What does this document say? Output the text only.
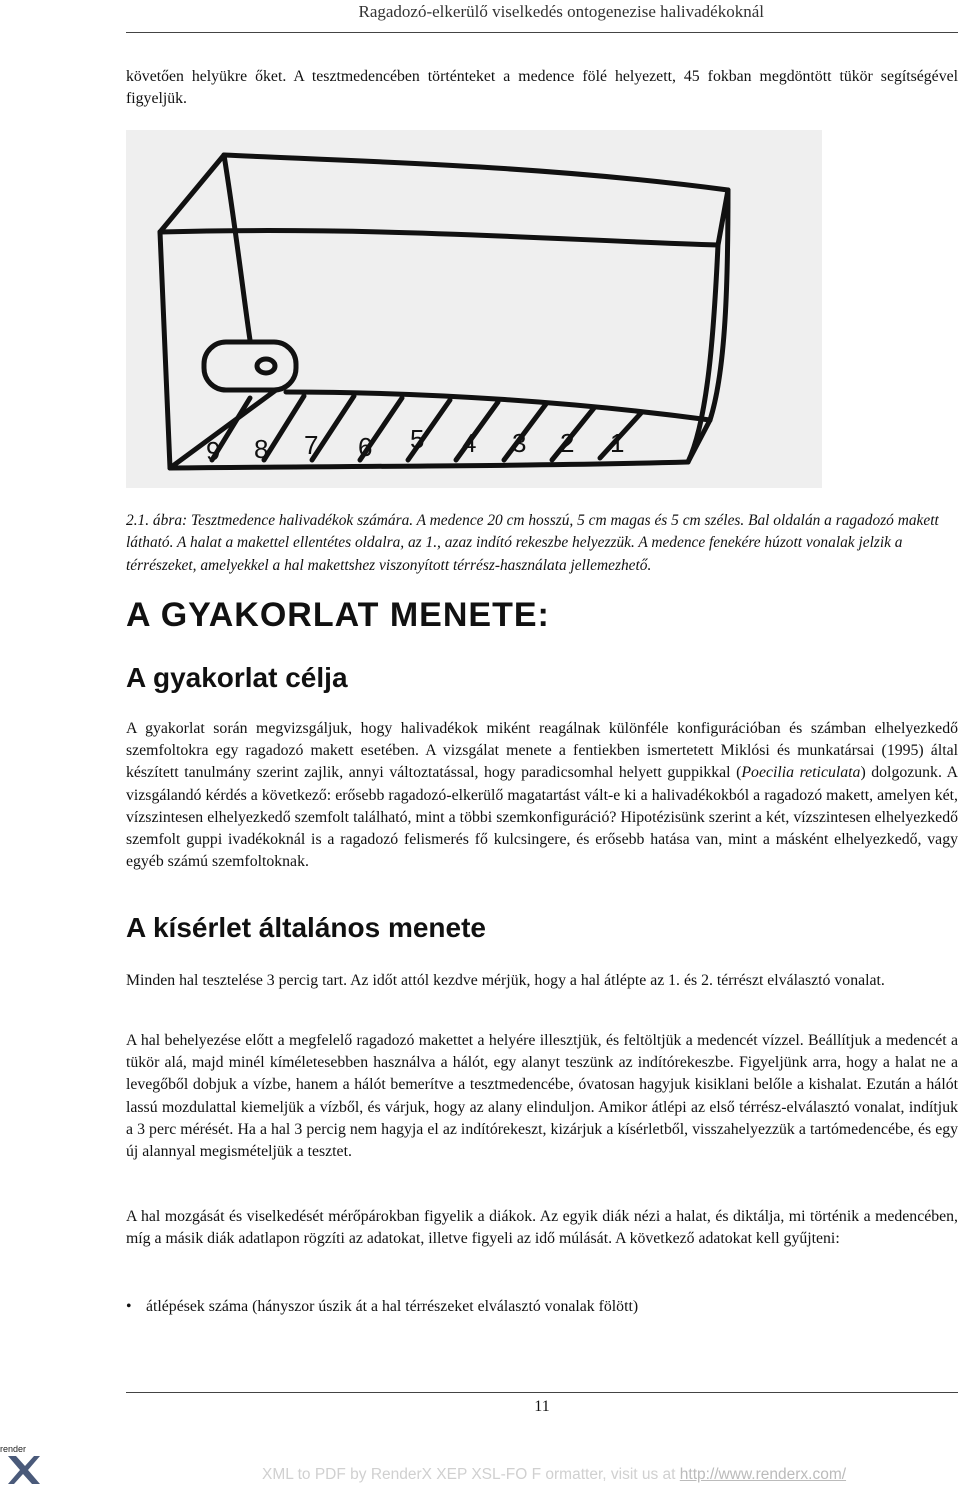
Ragadozó-elkerülő viselkedés ontogenezise halivadékoknál

követően helyükre őket. A tesztmedencében történteket a medence fölé helyezett, 45 fokban megdöntött tükör segítségével figyeljük.

9 8 7 6 5 4 3 2 1

2.1. ábra: Tesztmedence halivadékok számára. A medence 20 cm hosszú, 5 cm magas és 5 cm széles. Bal oldalán a ragadozó makett látható. A halat a makettel ellentétes oldalra, az 1., azaz indító rekeszbe helyezzük. A medence fenekére húzott vonalak jelzik a térrészeket, amelyekkel a hal makettshez viszonyított térrész-használata jellemezhető.

A GYAKORLAT MENETE:
A gyakorlat célja

A gyakorlat során megvizsgáljuk, hogy halivadékok miként reagálnak különféle konfigurációban és számban elhelyezkedő szemfoltokra egy ragadozó makett esetében. A vizsgálat menete a fentiekben ismertetett Miklósi és munkatársai (1995) által készített tanulmány szerint zajlik, annyi változtatással, hogy paradicsomhal helyett guppikkal (Poecilia reticulata) dolgozunk. A vizsgálandó kérdés a következő: erősebb ragadozó-elkerülő magatartást vált-e ki a halivadékokból a ragadozó makett, amelyen két, vízszintesen elhelyezkedő szemfolt található, mint a többi szemkonfiguráció? Hipotézisünk szerint a két, vízszintesen elhelyezkedő szemfolt guppi ivadékoknál is a ragadozó felismerés fő kulcsingere, és erősebb hatása van, mint a másként elhelyezkedő, vagy egyéb számú szemfoltoknak.

A kísérlet általános menete

Minden hal tesztelése 3 percig tart. Az időt attól kezdve mérjük, hogy a hal átlépte az 1. és 2. térrészt elválasztó vonalat.

A hal behelyezése előtt a megfelelő ragadozó makettet a helyére illesztjük, és feltöltjük a medencét vízzel. Beállítjuk a medencét a tükör alá, majd minél kíméletesebben használva a hálót, egy alanyt teszünk az indítórekeszbe. Figyeljünk arra, hogy a halat ne a levegőből dobjuk a vízbe, hanem a hálót bemerítve a tesztmedencébe, óvatosan hagyjuk kisiklani belőle a kishalat. Ezután a hálót lassú mozdulattal kiemeljük a vízből, és várjuk, hogy az alany elinduljon. Amikor átlépi az első térrész-elválasztó vonalat, indítjuk a 3 perc mérését. Ha a hal 3 percig nem hagyja el az indítórekeszt, kizárjuk a kísérletből, visszahelyezzük a tartómedencébe, és egy új alannyal megismételjük a tesztet.

A hal mozgását és viselkedését mérőpárokban figyelik a diákok. Az egyik diák nézi a halat, és diktálja, mi történik a medencében, míg a másik diák adatlapon rögzíti az adatokat, illetve figyeli az idő múlását. A következő adatokat kell gyűjteni:

• átlépések száma (hányszor úszik át a hal térrészeket elválasztó vonalak fölött)
11
render
XML to PDF by RenderX XEP XSL-FO F ormatter, visit us at http://www.renderx.com/
